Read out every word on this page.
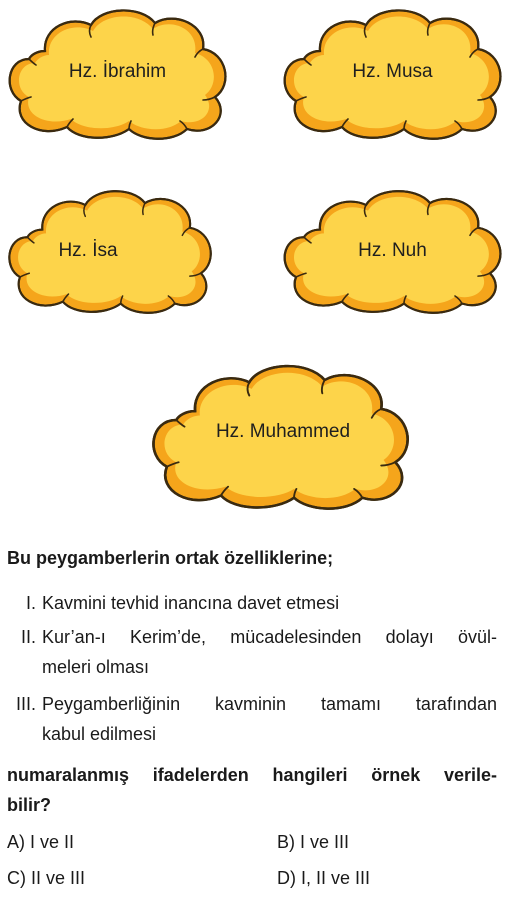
Hz. İbrahim	Hz. Musa
Hz. İsa	Hz. Nuh
Hz. Muhammed
Bu peygamberlerin ortak özelliklerine;
I. Kavmini tevhid inancına davet etmesi
II. Kur’an-ı Kerim’de, mücadelesinden dolayı övül-
meleri olması
III. Peygamberliğinin kavminin tamamı tarafından
kabul edilmesi
numaralanmış ifadelerden hangileri örnek verile-
bilir?
A) I ve II	B) I ve III
C) II ve III	D) I, II ve III
